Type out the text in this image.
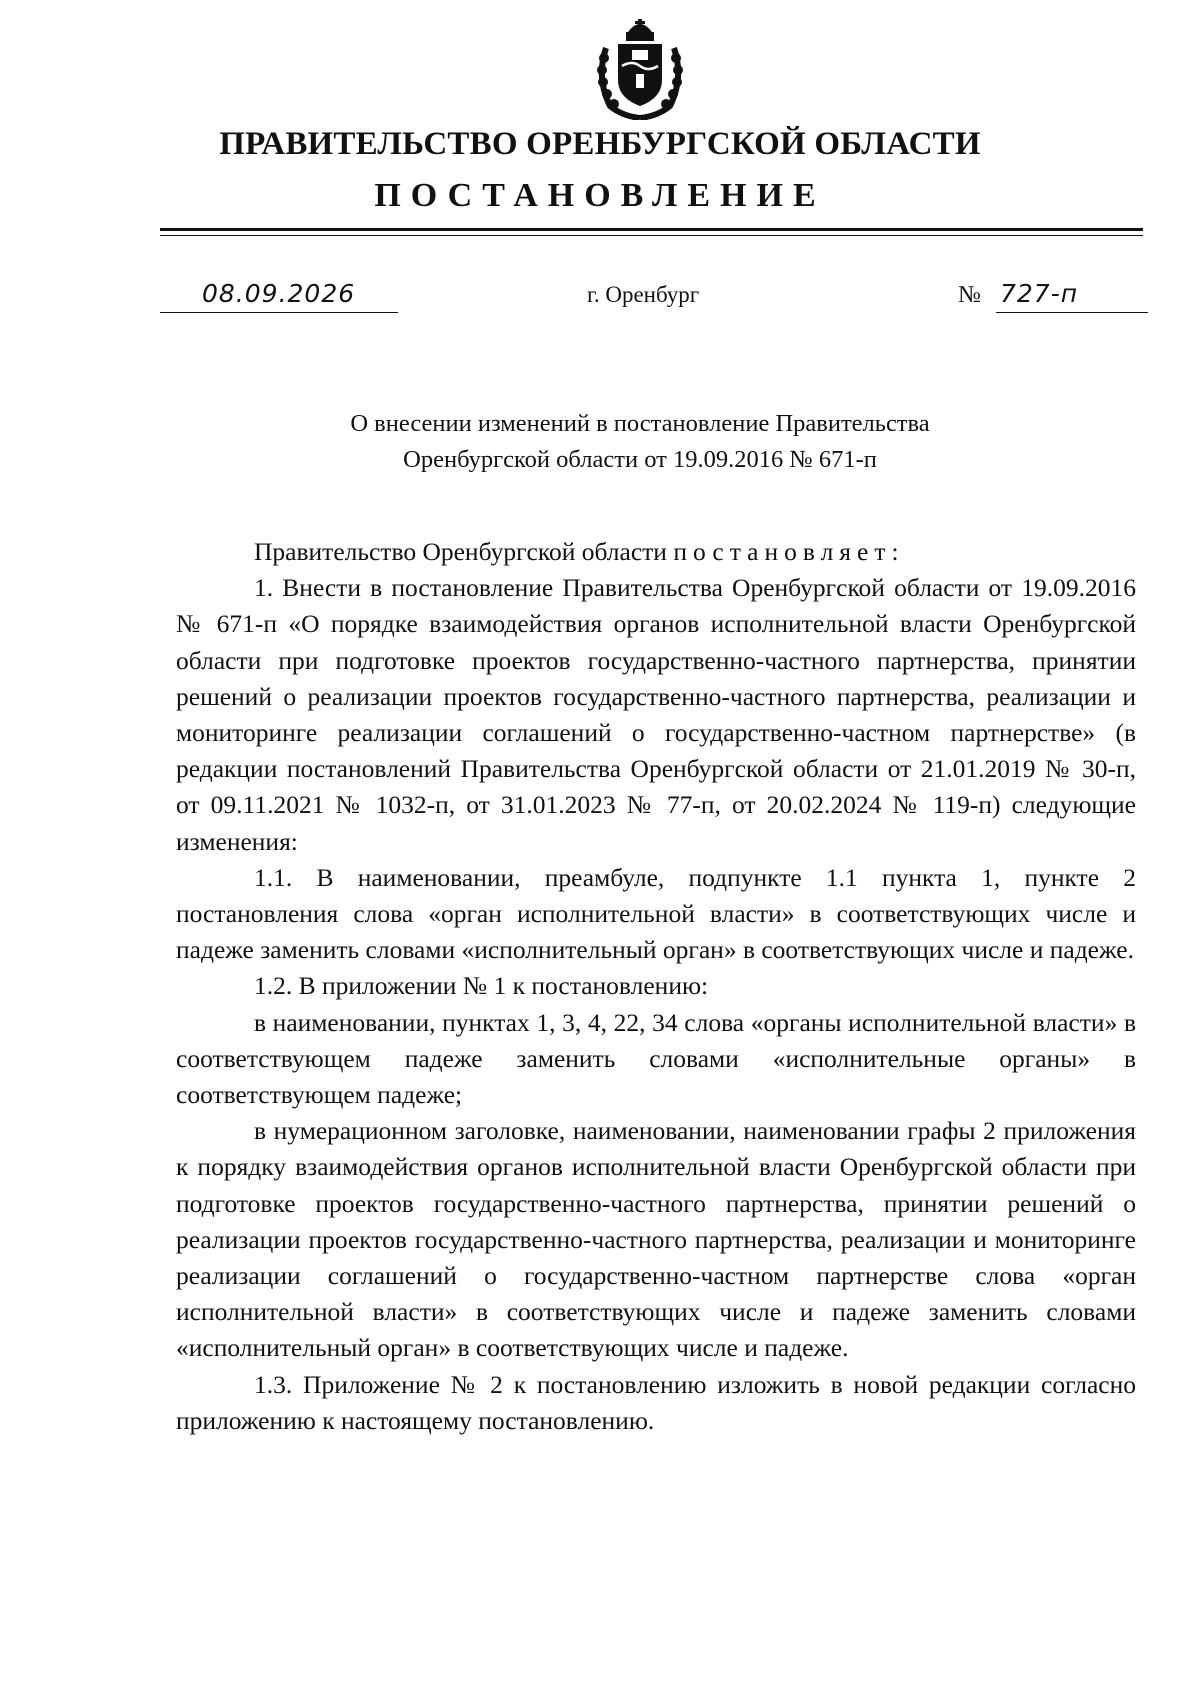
ПРАВИТЕЛЬСТВО ОРЕНБУРГСКОЙ ОБЛАСТИ
ПОСТАНОВЛЕНИЕ
08.09.2026	г. Оренбург	№ 727-п
О внесении изменений в постановление Правительства
Оренбургской области от 19.09.2016 № 671-п

Правительство Оренбургской области постановляет:

1. Внести в постановление Правительства Оренбургской области от 19.09.2016 № 671-п «О порядке взаимодействия органов исполнительной власти Оренбургской области при подготовке проектов государственно-частного партнерства, принятии решений о реализации проектов государственно-частного партнерства, реализации и мониторинге реализации соглашений о государственно-частном партнерстве» (в редакции постановлений Правительства Оренбургской области от 21.01.2019 № 30-п, от 09.11.2021 № 1032-п, от 31.01.2023 № 77-п, от 20.02.2024 № 119-п) следующие изменения:

1.1. В наименовании, преамбуле, подпункте 1.1 пункта 1, пункте 2 постановления слова «орган исполнительной власти» в соответствующих числе и падеже заменить словами «исполнительный орган» в соответствующих числе и падеже.

1.2. В приложении № 1 к постановлению:

в наименовании, пунктах 1, 3, 4, 22, 34 слова «органы исполнительной власти» в соответствующем падеже заменить словами «исполнительные органы» в соответствующем падеже;

в нумерационном заголовке, наименовании, наименовании графы 2 приложения к порядку взаимодействия органов исполнительной власти Оренбургской области при подготовке проектов государственно-частного партнерства, принятии решений о реализации проектов государственно-частного партнерства, реализации и мониторинге реализации соглашений о государственно-частном партнерстве слова «орган исполнительной власти» в соответствующих числе и падеже заменить словами «исполнительный орган» в соответствующих числе и падеже.

1.3. Приложение № 2 к постановлению изложить в новой редакции согласно приложению к настоящему постановлению.
